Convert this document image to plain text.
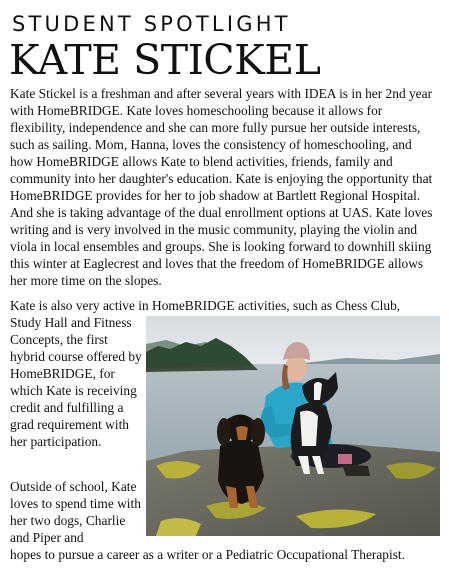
STUDENT SPOTLIGHT
KATE STICKEL

Kate Stickel is a freshman and after several years with IDEA is in her 2nd year with HomeBRIDGE. Kate loves homeschooling because it allows for flexibility, independence and she can more fully pursue her outside interests, such as sailing. Mom, Hanna, loves the consistency of homeschooling, and how HomeBRIDGE allows Kate to blend activities, friends, family and community into her daughter's education. Kate is enjoying the opportunity that HomeBRIDGE provides for her to job shadow at Bartlett Regional Hospital. And she is taking advantage of the dual enrollment options at UAS. Kate loves writing and is very involved in the music community, playing the violin and viola in local ensembles and groups. She is looking forward to downhill skiing this winter at Eaglecrest and loves that the freedom of HomeBRIDGE allows her more time on the slopes.

Kate is also very active in HomeBRIDGE activities, such as Chess Club,

Study Hall and Fitness Concepts, the first hybrid course offered by HomeBRIDGE, for which Kate is receiving credit and fulfilling a grad requirement with her participation.

Outside of school, Kate loves to spend time with her two dogs, Charlie and Piper and

hopes to pursue a career as a writer or a Pediatric Occupational Therapist.
